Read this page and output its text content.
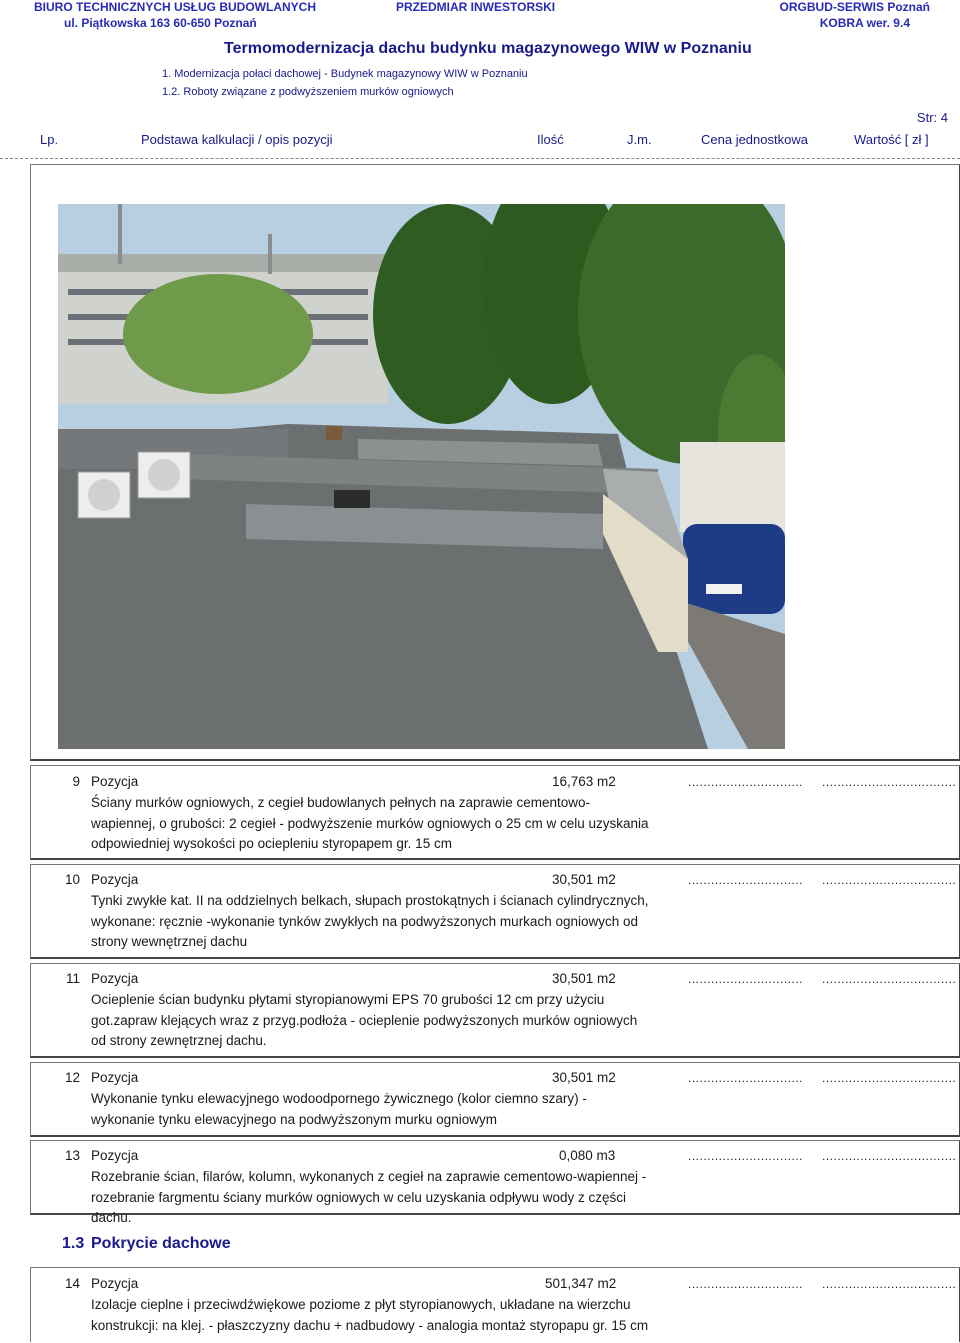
BIURO TECHNICZNYCH USŁUG BUDOWLANYCH
ul. Piątkowska 163 60-650 Poznań
PRZEDMIAR INWESTORSKI	ORGBUD-SERWIS Poznań
KOBRA wer. 9.4
Termomodernizacja dachu budynku magazynowego WIW w Poznaniu
1. Modernizacja połaci dachowej - Budynek magazynowy WIW w Poznaniu
1.2. Roboty związane z podwyższeniem murków ogniowych
Str: 4
Lp.	Podstawa kalkulacji / opis pozycji	Ilość	J.m.	Cena jednostkowa	Wartość [ zł ]
9 Pozycja	16,763 m2	.............................. ...................................
Ściany murków ogniowych, z cegieł budowlanych pełnych na zaprawie cementowo-wapiennej, o grubości: 2 cegieł - podwyższenie murków ogniowych o 25 cm w celu uzyskania odpowiedniej wysokości po ociepleniu styropapem gr. 15 cm
10 Pozycja	30,501 m2	.............................. ...................................
Tynki zwykłe kat. II na oddzielnych belkach, słupach prostokątnych i ścianach cylindrycznych, wykonane: ręcznie -wykonanie tynków zwykłych na podwyższonych murkach ogniowych od strony wewnętrznej dachu
11 Pozycja	30,501 m2	.............................. ...................................
Ocieplenie ścian budynku płytami styropianowymi EPS 70 grubości 12 cm przy użyciu got.zapraw klejących wraz z przyg.podłoża - ocieplenie podwyższonych murków ogniowych od strony zewnętrznej dachu.
12 Pozycja	30,501 m2	.............................. ...................................
Wykonanie tynku elewacyjnego wodoodpornego żywicznego (kolor ciemno szary) - wykonanie tynku elewacyjnego na podwyższonym murku ogniowym
13 Pozycja	0,080 m3	.............................. ...................................
Rozebranie ścian, filarów, kolumn, wykonanych z cegieł na zaprawie cementowo-wapiennej - rozebranie fargmentu ściany murków ogniowych w celu uzyskania odpływu wody z części dachu.
1.3 Pokrycie dachowe
14 Pozycja	501,347 m2	.............................. ...................................
Izolacje cieplne i przeciwdźwiękowe poziome z płyt styropianowych, układane na wierzchu konstrukcji: na klej. - płaszczyzny dachu + nadbudowy - analogia montaż styropapu gr. 15 cm
